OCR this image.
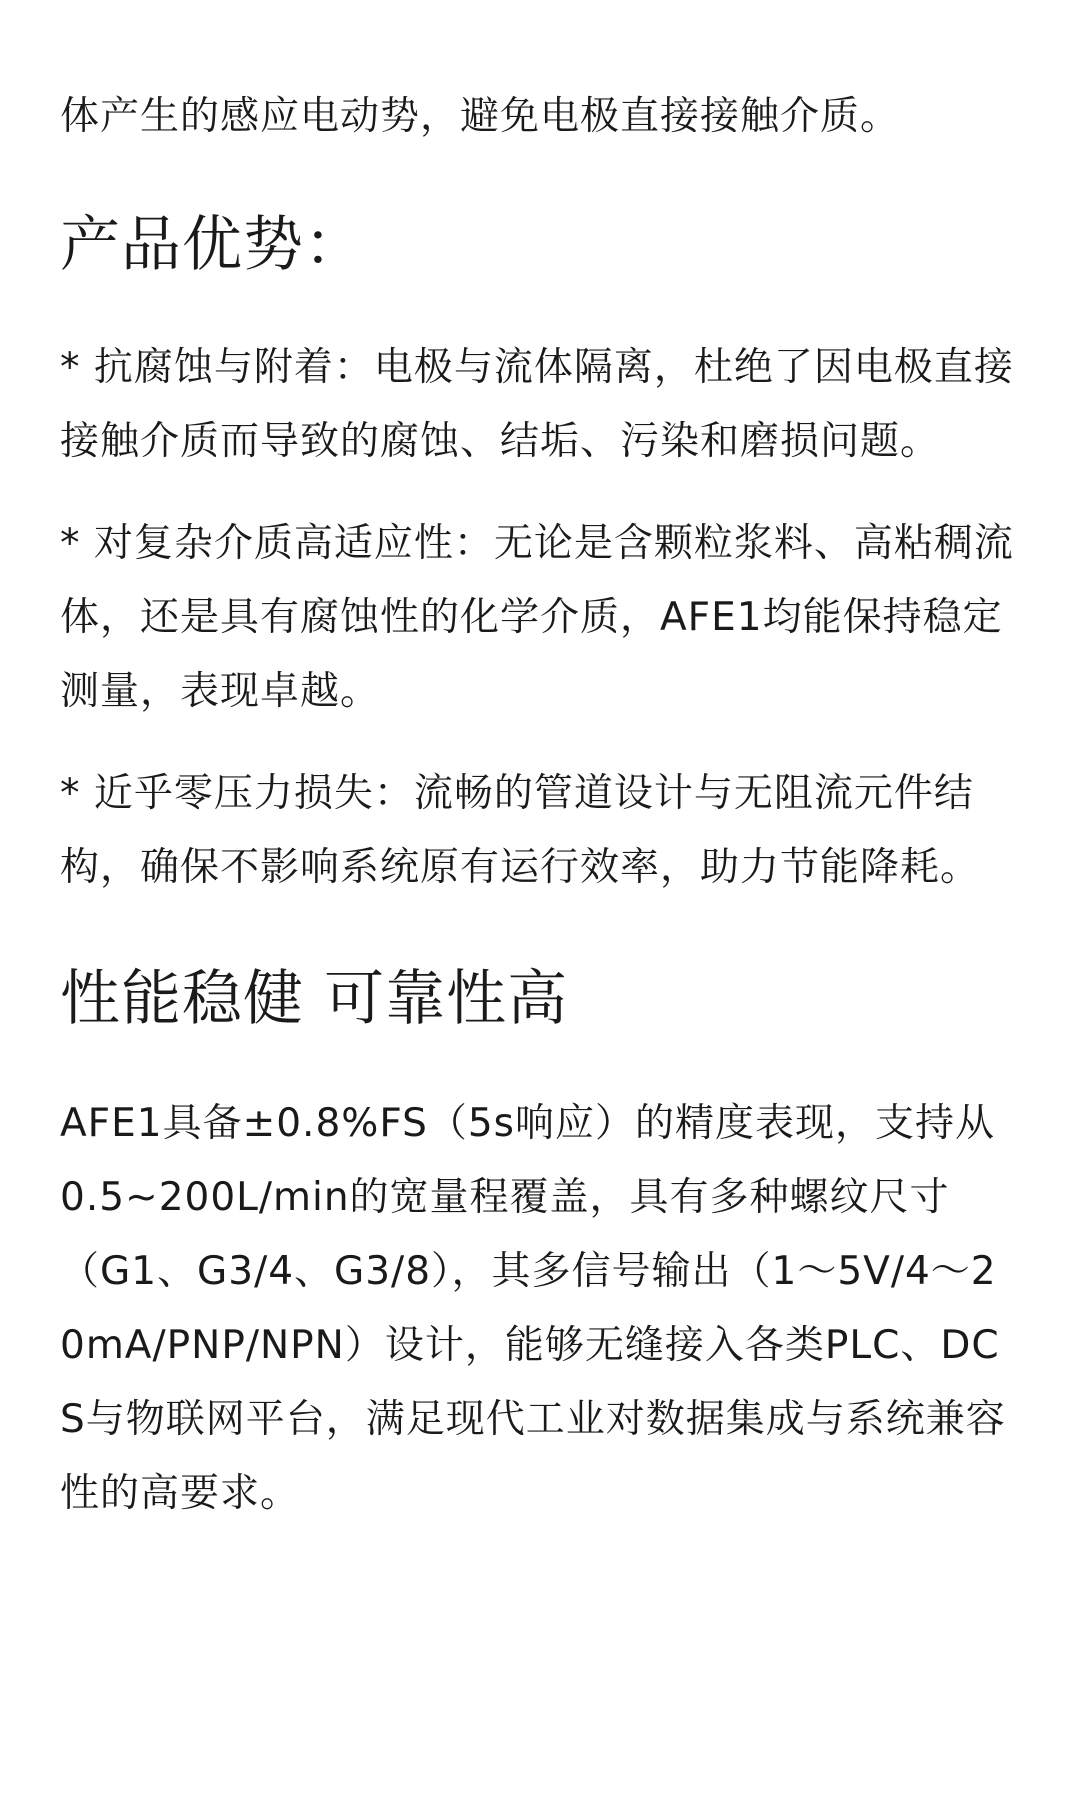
体产生的感应电动势，避免电极直接接触介质。

产品优势：

* 抗腐蚀与附着：电极与流体隔离，杜绝了因电极直接接触介质而导致的腐蚀、结垢、污染和磨损问题。

* 对复杂介质高适应性：无论是含颗粒浆料、高粘稠流体，还是具有腐蚀性的化学介质，AFE1均能保持稳定测量，表现卓越。

* 近乎零压力损失：流畅的管道设计与无阻流元件结构，确保不影响系统原有运行效率，助力节能降耗。

性能稳健 可靠性高

AFE1具备±0.8%FS（5s响应）的精度表现，支持从0.5~200L/min的宽量程覆盖，具有多种螺纹尺寸（G1、G3/4、G3/8），其多信号输出（1～5V/4～20mA/PNP/NPN）设计，能够无缝接入各类PLC、DCS与物联网平台，满足现代工业对数据集成与系统兼容性的高要求。
